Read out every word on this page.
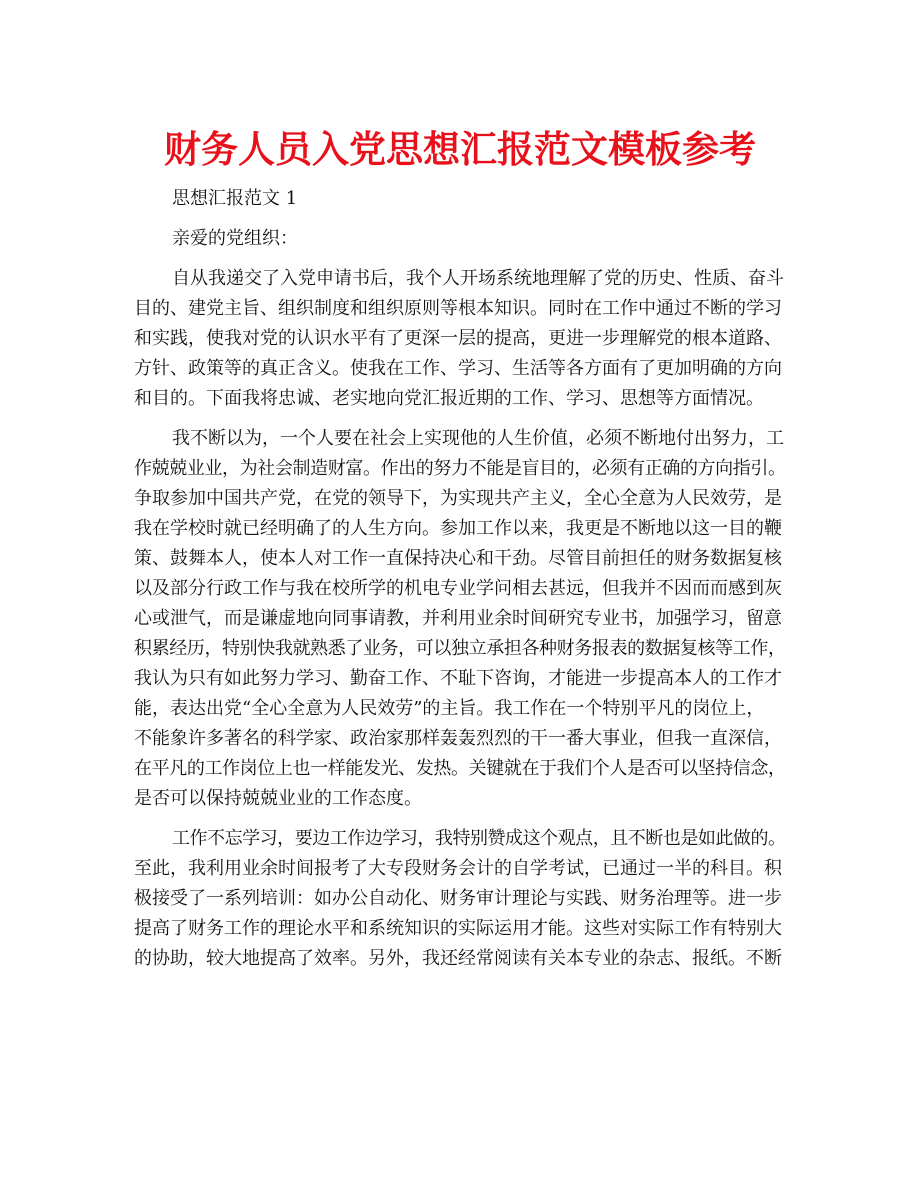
财务人员入党思想汇报范文模板参考
思想汇报范文 1
亲爱的党组织：
自从我递交了入党申请书后，我个人开场系统地理解了党的历史、性质、奋斗
目的、建党主旨、组织制度和组织原则等根本知识。同时在工作中通过不断的学习
和实践，使我对党的认识水平有了更深一层的提高，更进一步理解党的根本道路、
方针、政策等的真正含义。使我在工作、学习、生活等各方面有了更加明确的方向
和目的。下面我将忠诚、老实地向党汇报近期的工作、学习、思想等方面情况。
我不断以为，一个人要在社会上实现他的人生价值，必须不断地付出努力，工
作兢兢业业，为社会制造财富。作出的努力不能是盲目的，必须有正确的方向指引。
争取参加中国共产党，在党的领导下，为实现共产主义，全心全意为人民效劳，是
我在学校时就已经明确了的人生方向。参加工作以来，我更是不断地以这一目的鞭
策、鼓舞本人，使本人对工作一直保持决心和干劲。尽管目前担任的财务数据复核
以及部分行政工作与我在校所学的机电专业学问相去甚远，但我并不因而而感到灰
心或泄气，而是谦虚地向同事请教，并利用业余时间研究专业书，加强学习，留意
积累经历，特别快我就熟悉了业务，可以独立承担各种财务报表的数据复核等工作，
我认为只有如此努力学习、勤奋工作、不耻下咨询，才能进一步提高本人的工作才
能，表达出党“全心全意为人民效劳”的主旨。我工作在一个特别平凡的岗位上，
不能象许多著名的科学家、政治家那样轰轰烈烈的干一番大事业，但我一直深信，
在平凡的工作岗位上也一样能发光、发热。关键就在于我们个人是否可以坚持信念，
是否可以保持兢兢业业的工作态度。
工作不忘学习，要边工作边学习，我特别赞成这个观点，且不断也是如此做的。
至此，我利用业余时间报考了大专段财务会计的自学考试，已通过一半的科目。积
极接受了一系列培训：如办公自动化、财务审计理论与实践、财务治理等。进一步
提高了财务工作的理论水平和系统知识的实际运用才能。这些对实际工作有特别大
的协助，较大地提高了效率。另外，我还经常阅读有关本专业的杂志、报纸。不断
